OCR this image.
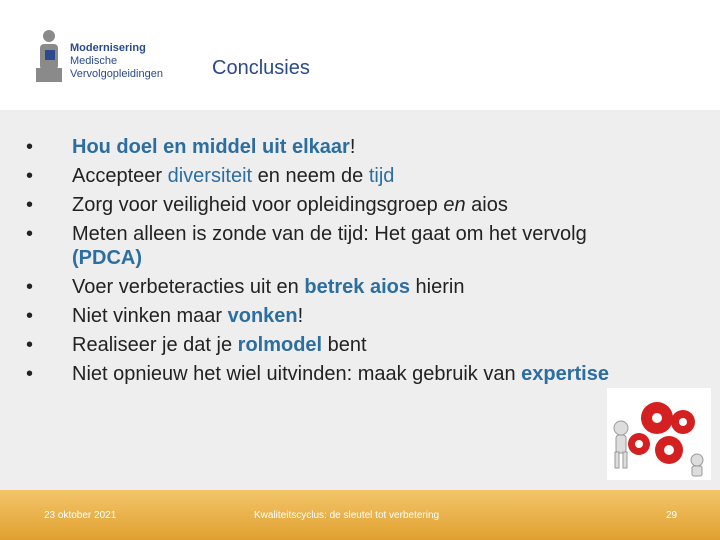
Modernisering
Medische
Vervolgopleidingen Conclusies
•	Hou doel en middel uit elkaar!
•	Accepteer diversiteit en neem de tijd
•	Zorg voor veiligheid voor opleidingsgroep en aios
•	Meten alleen is zonde van de tijd: Het gaat om het vervolg (PDCA)
•	Voer verbeteracties uit en betrek aios hierin
•	Niet vinken maar vonken!
•	Realiseer je dat je rolmodel bent
•	Niet opnieuw het wiel uitvinden: maak gebruik van expertise
23 oktober 2021	Kwaliteitscyclus: de sleutel tot verbetering	29
